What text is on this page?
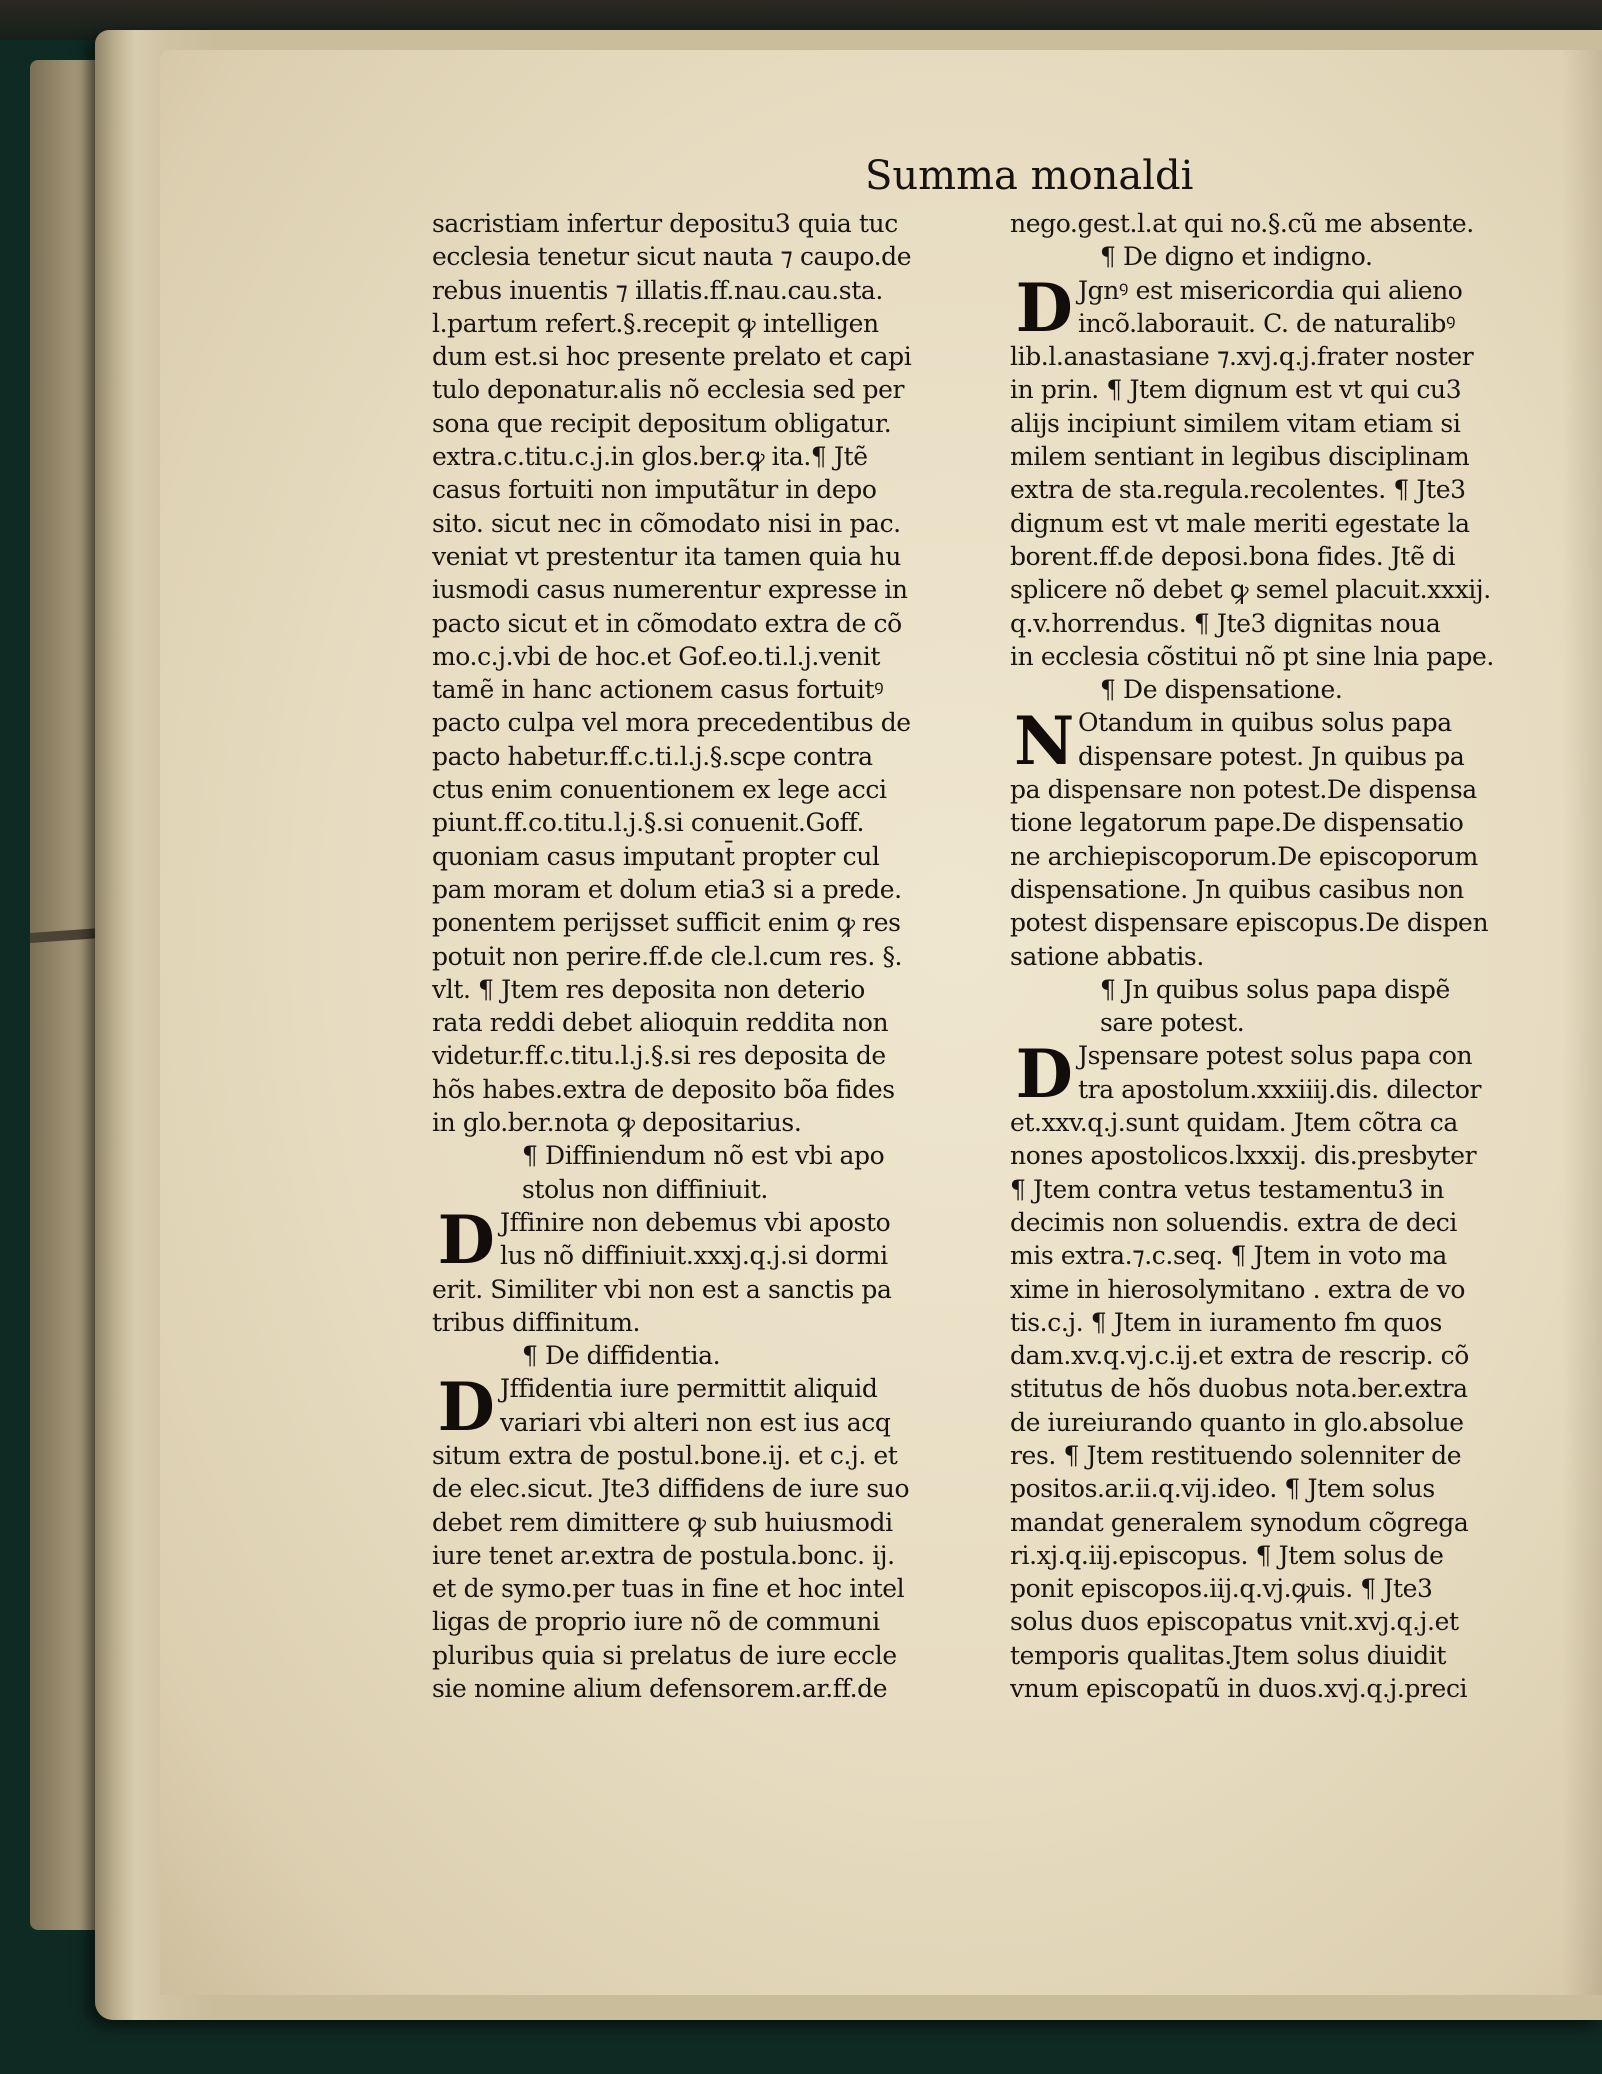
Summa monaldi
sacristiam infertur depositu3 quia tuc
ecclesia tenetur sicut nauta ⁊ caupo.de
rebus inuentis ⁊ illatis.ff.nau.cau.sta.
l.partum refert.§.recepit ꝙ intelligen
dum est.si hoc presente prelato et capi
tulo deponatur.alis nõ ecclesia sed per
sona que recipit depositum obligatur.
extra.c.titu.c.j.in glos.ber.ꝙ ita.¶ Jtẽ
casus fortuiti non imputãtur in depo
sito. sicut nec in cõmodato nisi in pac.
veniat vt prestentur ita tamen quia hu
iusmodi casus numerentur expresse in
pacto sicut et in cõmodato extra de cõ
mo.c.j.vbi de hoc.et Gof.eo.ti.l.j.venit
tamẽ in hanc actionem casus fortuitꝰ
pacto culpa vel mora precedentibus de
pacto habetur.ff.c.ti.l.j.§.scpe contra
ctus enim conuentionem ex lege acci
piunt.ff.co.titu.l.j.§.si conuenit.Goff.
quoniam casus imputant̄ propter cul
pam moram et dolum etia3 si a prede.
ponentem perijsset sufficit enim ꝙ res
potuit non perire.ff.de cle.l.cum res. §.
vlt. ¶ Jtem res deposita non deterio
rata reddi debet alioquin reddita non
videtur.ff.c.titu.l.j.§.si res deposita de
hõs habes.extra de deposito bõa fides
in glo.ber.nota ꝙ depositarius.
¶ Diffiniendum nõ est vbi apo
stolus non diffiniuit.
D Jffinire non debemus vbi aposto
lus nõ diffiniuit.xxxj.q.j.si dormi
erit. Similiter vbi non est a sanctis pa
tribus diffinitum.
¶ De diffidentia.
D Jffidentia iure permittit aliquid
variari vbi alteri non est ius acq
situm extra de postul.bone.ij. et c.j. et
de elec.sicut. Jte3 diffidens de iure suo
debet rem dimittere ꝙ sub huiusmodi
iure tenet ar.extra de postula.bonc. ij.
et de symo.per tuas in fine et hoc intel
ligas de proprio iure nõ de communi
pluribus quia si prelatus de iure eccle
sie nomine alium defensorem.ar.ff.de
nego.gest.l.at qui no.§.cũ me absente.
¶ De digno et indigno.
D Jgnꝰ est misericordia qui alieno
incõ.laborauit. C. de naturalibꝰ
lib.l.anastasiane ⁊.xvj.q.j.frater noster
in prin. ¶ Jtem dignum est vt qui cu3
alijs incipiunt similem vitam etiam si
milem sentiant in legibus disciplinam
extra de sta.regula.recolentes. ¶ Jte3
dignum est vt male meriti egestate la
borent.ff.de deposi.bona fides. Jtẽ di
splicere nõ debet ꝙ semel placuit.xxxij.
q.v.horrendus. ¶ Jte3 dignitas noua
in ecclesia cõstitui nõ pt sine lnia pape.
¶ De dispensatione.
N Otandum in quibus solus papa
dispensare potest. Jn quibus pa
pa dispensare non potest.De dispensa
tione legatorum pape.De dispensatio
ne archiepiscoporum.De episcoporum
dispensatione. Jn quibus casibus non
potest dispensare episcopus.De dispen
satione abbatis.
¶ Jn quibus solus papa dispẽ
sare potest.
D Jspensare potest solus papa con
tra apostolum.xxxiiij.dis. dilector
et.xxv.q.j.sunt quidam. Jtem cõtra ca
nones apostolicos.lxxxij. dis.presbyter
¶ Jtem contra vetus testamentu3 in
decimis non soluendis. extra de deci
mis extra.⁊.c.seq. ¶ Jtem in voto ma
xime in hierosolymitano . extra de vo
tis.c.j. ¶ Jtem in iuramento fm quos
dam.xv.q.vj.c.ij.et extra de rescrip. cõ
stitutus de hõs duobus nota.ber.extra
de iureiurando quanto in glo.absolue
res. ¶ Jtem restituendo solenniter de
positos.ar.ii.q.vij.ideo. ¶ Jtem solus
mandat generalem synodum cõgrega
ri.xj.q.iij.episcopus. ¶ Jtem solus de
ponit episcopos.iij.q.vj.ꝙuis. ¶ Jte3
solus duos episcopatus vnit.xvj.q.j.et
temporis qualitas.Jtem solus diuidit
vnum episcopatũ in duos.xvj.q.j.preci
